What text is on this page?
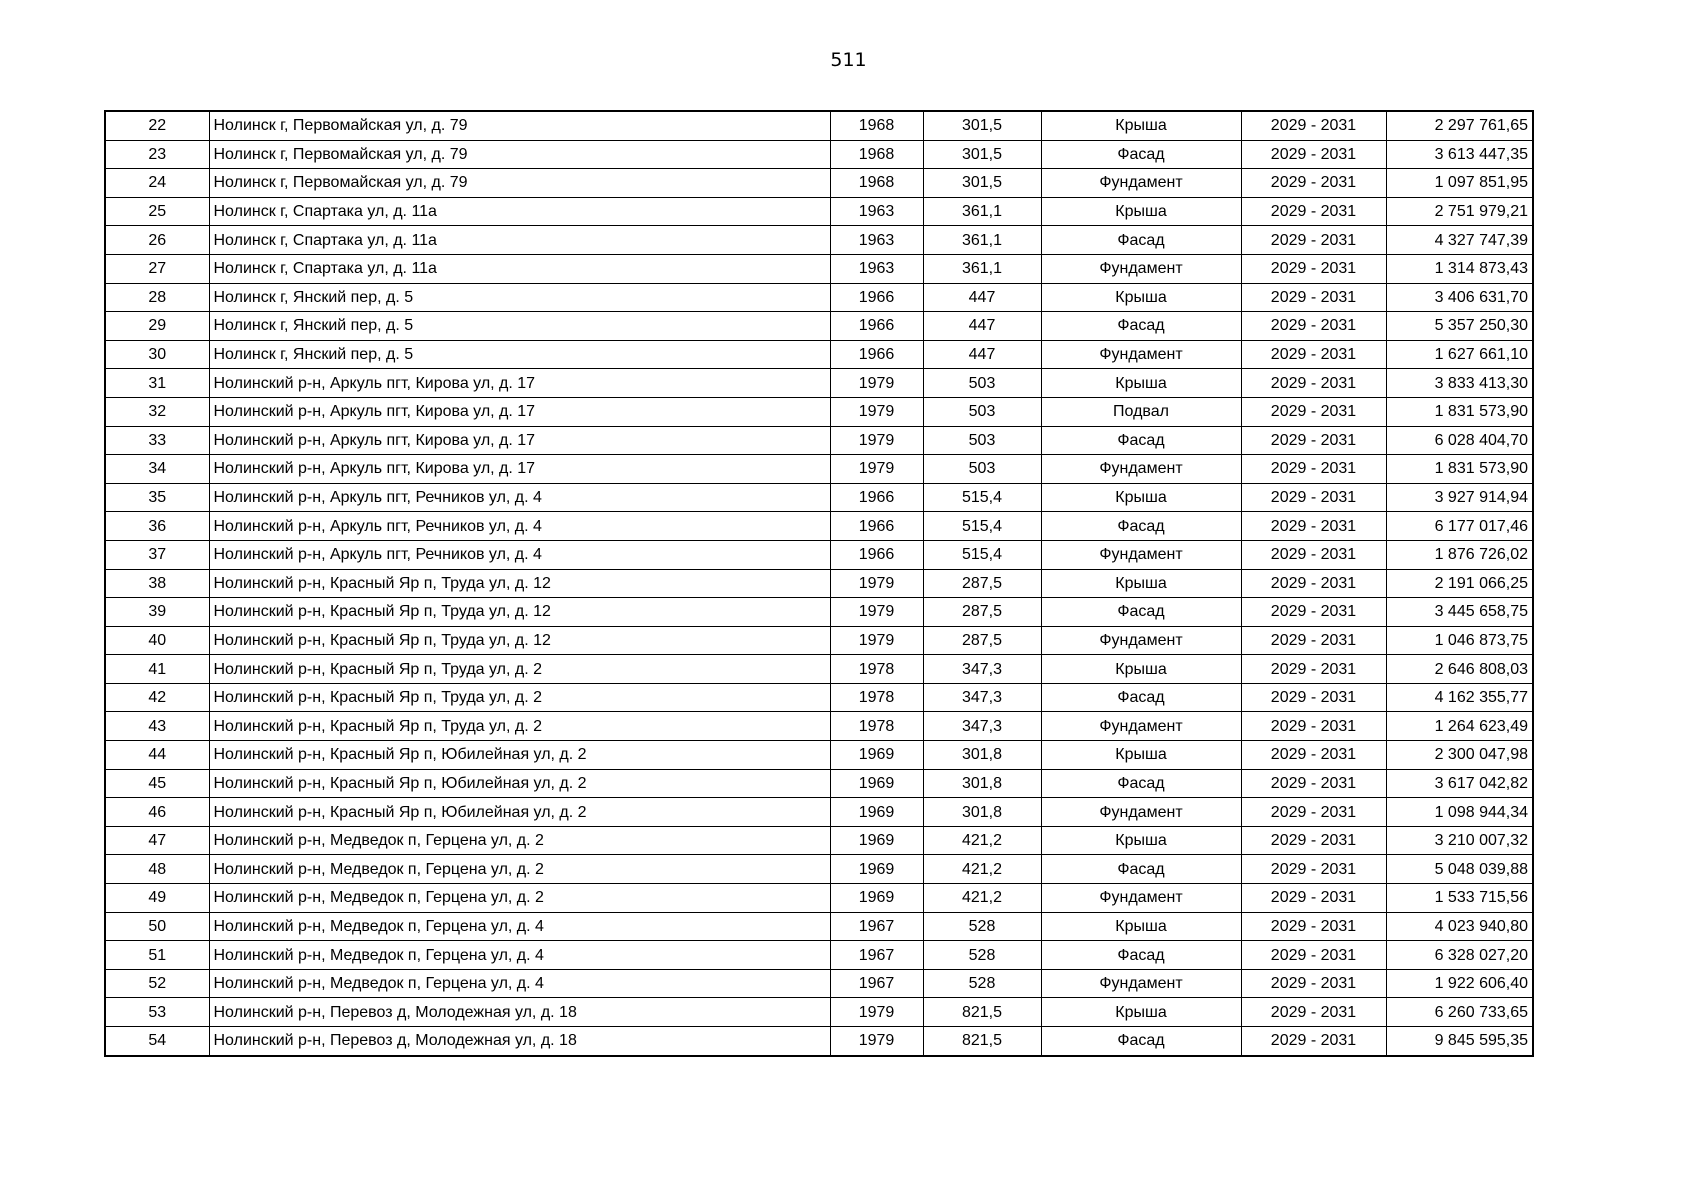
511
22	Нолинск г, Первомайская ул, д. 79	1968	301,5	Крыша	2029 - 2031	2 297 761,65
23	Нолинск г, Первомайская ул, д. 79	1968	301,5	Фасад	2029 - 2031	3 613 447,35
24	Нолинск г, Первомайская ул, д. 79	1968	301,5	Фундамент	2029 - 2031	1 097 851,95
25	Нолинск г, Спартака ул, д. 11а	1963	361,1	Крыша	2029 - 2031	2 751 979,21
26	Нолинск г, Спартака ул, д. 11а	1963	361,1	Фасад	2029 - 2031	4 327 747,39
27	Нолинск г, Спартака ул, д. 11а	1963	361,1	Фундамент	2029 - 2031	1 314 873,43
28	Нолинск г, Янский пер, д. 5	1966	447	Крыша	2029 - 2031	3 406 631,70
29	Нолинск г, Янский пер, д. 5	1966	447	Фасад	2029 - 2031	5 357 250,30
30	Нолинск г, Янский пер, д. 5	1966	447	Фундамент	2029 - 2031	1 627 661,10
31	Нолинский р-н, Аркуль пгт, Кирова ул, д. 17	1979	503	Крыша	2029 - 2031	3 833 413,30
32	Нолинский р-н, Аркуль пгт, Кирова ул, д. 17	1979	503	Подвал	2029 - 2031	1 831 573,90
33	Нолинский р-н, Аркуль пгт, Кирова ул, д. 17	1979	503	Фасад	2029 - 2031	6 028 404,70
34	Нолинский р-н, Аркуль пгт, Кирова ул, д. 17	1979	503	Фундамент	2029 - 2031	1 831 573,90
35	Нолинский р-н, Аркуль пгт, Речников ул, д. 4	1966	515,4	Крыша	2029 - 2031	3 927 914,94
36	Нолинский р-н, Аркуль пгт, Речников ул, д. 4	1966	515,4	Фасад	2029 - 2031	6 177 017,46
37	Нолинский р-н, Аркуль пгт, Речников ул, д. 4	1966	515,4	Фундамент	2029 - 2031	1 876 726,02
38	Нолинский р-н, Красный Яр п, Труда ул, д. 12	1979	287,5	Крыша	2029 - 2031	2 191 066,25
39	Нолинский р-н, Красный Яр п, Труда ул, д. 12	1979	287,5	Фасад	2029 - 2031	3 445 658,75
40	Нолинский р-н, Красный Яр п, Труда ул, д. 12	1979	287,5	Фундамент	2029 - 2031	1 046 873,75
41	Нолинский р-н, Красный Яр п, Труда ул, д. 2	1978	347,3	Крыша	2029 - 2031	2 646 808,03
42	Нолинский р-н, Красный Яр п, Труда ул, д. 2	1978	347,3	Фасад	2029 - 2031	4 162 355,77
43	Нолинский р-н, Красный Яр п, Труда ул, д. 2	1978	347,3	Фундамент	2029 - 2031	1 264 623,49
44	Нолинский р-н, Красный Яр п, Юбилейная ул, д. 2	1969	301,8	Крыша	2029 - 2031	2 300 047,98
45	Нолинский р-н, Красный Яр п, Юбилейная ул, д. 2	1969	301,8	Фасад	2029 - 2031	3 617 042,82
46	Нолинский р-н, Красный Яр п, Юбилейная ул, д. 2	1969	301,8	Фундамент	2029 - 2031	1 098 944,34
47	Нолинский р-н, Медведок п, Герцена ул, д. 2	1969	421,2	Крыша	2029 - 2031	3 210 007,32
48	Нолинский р-н, Медведок п, Герцена ул, д. 2	1969	421,2	Фасад	2029 - 2031	5 048 039,88
49	Нолинский р-н, Медведок п, Герцена ул, д. 2	1969	421,2	Фундамент	2029 - 2031	1 533 715,56
50	Нолинский р-н, Медведок п, Герцена ул, д. 4	1967	528	Крыша	2029 - 2031	4 023 940,80
51	Нолинский р-н, Медведок п, Герцена ул, д. 4	1967	528	Фасад	2029 - 2031	6 328 027,20
52	Нолинский р-н, Медведок п, Герцена ул, д. 4	1967	528	Фундамент	2029 - 2031	1 922 606,40
53	Нолинский р-н, Перевоз д, Молодежная ул, д. 18	1979	821,5	Крыша	2029 - 2031	6 260 733,65
54	Нолинский р-н, Перевоз д, Молодежная ул, д. 18	1979	821,5	Фасад	2029 - 2031	9 845 595,35
